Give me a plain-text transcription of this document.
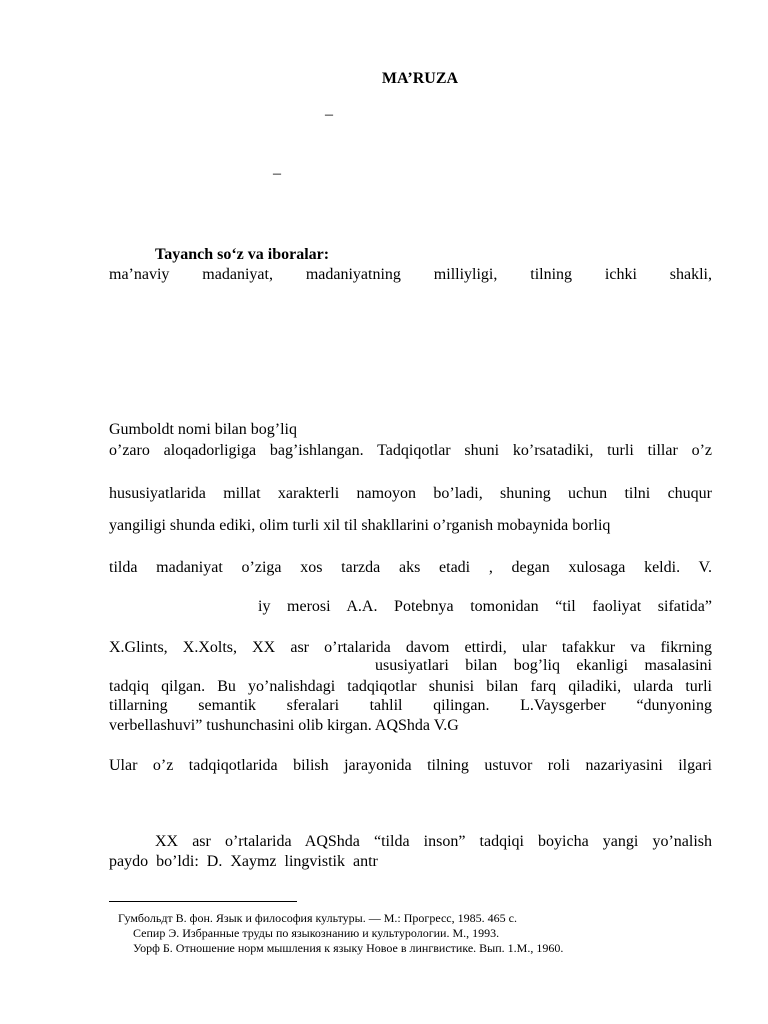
MA’RUZA
–
–
Tayanch so‘z va iboralar:
ma’naviy madaniyat, madaniyatning milliyligi, tilning ichki shakli,
Gumboldt nomi bilan bog’liq
o’zaro aloqadorligiga bag’ishlangan. Tadqiqotlar shuni ko’rsatadiki, turli tillar o’z
hususiyatlarida millat xarakterli namoyon bo’ladi, shuning uchun tilni chuqur
yangiligi shunda ediki, olim turli xil til shakllarini o’rganish mobaynida borliq
tilda madaniyat o’ziga xos tarzda aks etadi , degan xulosaga keldi. V.
iy merosi A.A. Potebnya tomonidan “til faoliyat sifatida”
X.Glints, X.Xolts, XX asr o’rtalarida davom ettirdi, ular tafakkur va fikrning
ususiyatlari bilan bog’liq ekanligi masalasini
tadqiq qilgan. Bu yo’nalishdagi tadqiqotlar shunisi bilan farq qiladiki, ularda turli
tillarning semantik sferalari tahlil qilingan. L.Vaysgerber “dunyoning
verbellashuvi” tushunchasini olib kirgan. AQShda V.G
Ular o’z tadqiqotlarida bilish jarayonida tilning ustuvor roli nazariyasini ilgari
XX asr o’rtalarida AQShda “tilda inson” tadqiqi boyicha yangi yo’nalish
paydo bo’ldi: D. Xaymz lingvistik antr
Гумбольдт В. фон. Язык и философия культуры. — М.: Прогресс, 1985. 465 с.
Сепир Э. Избранные труды по языкознанию и культурологии. М., 1993.
Уорф Б. Отношение норм мышления к языку Новое в лингвистике. Вып. 1.М., 1960.
